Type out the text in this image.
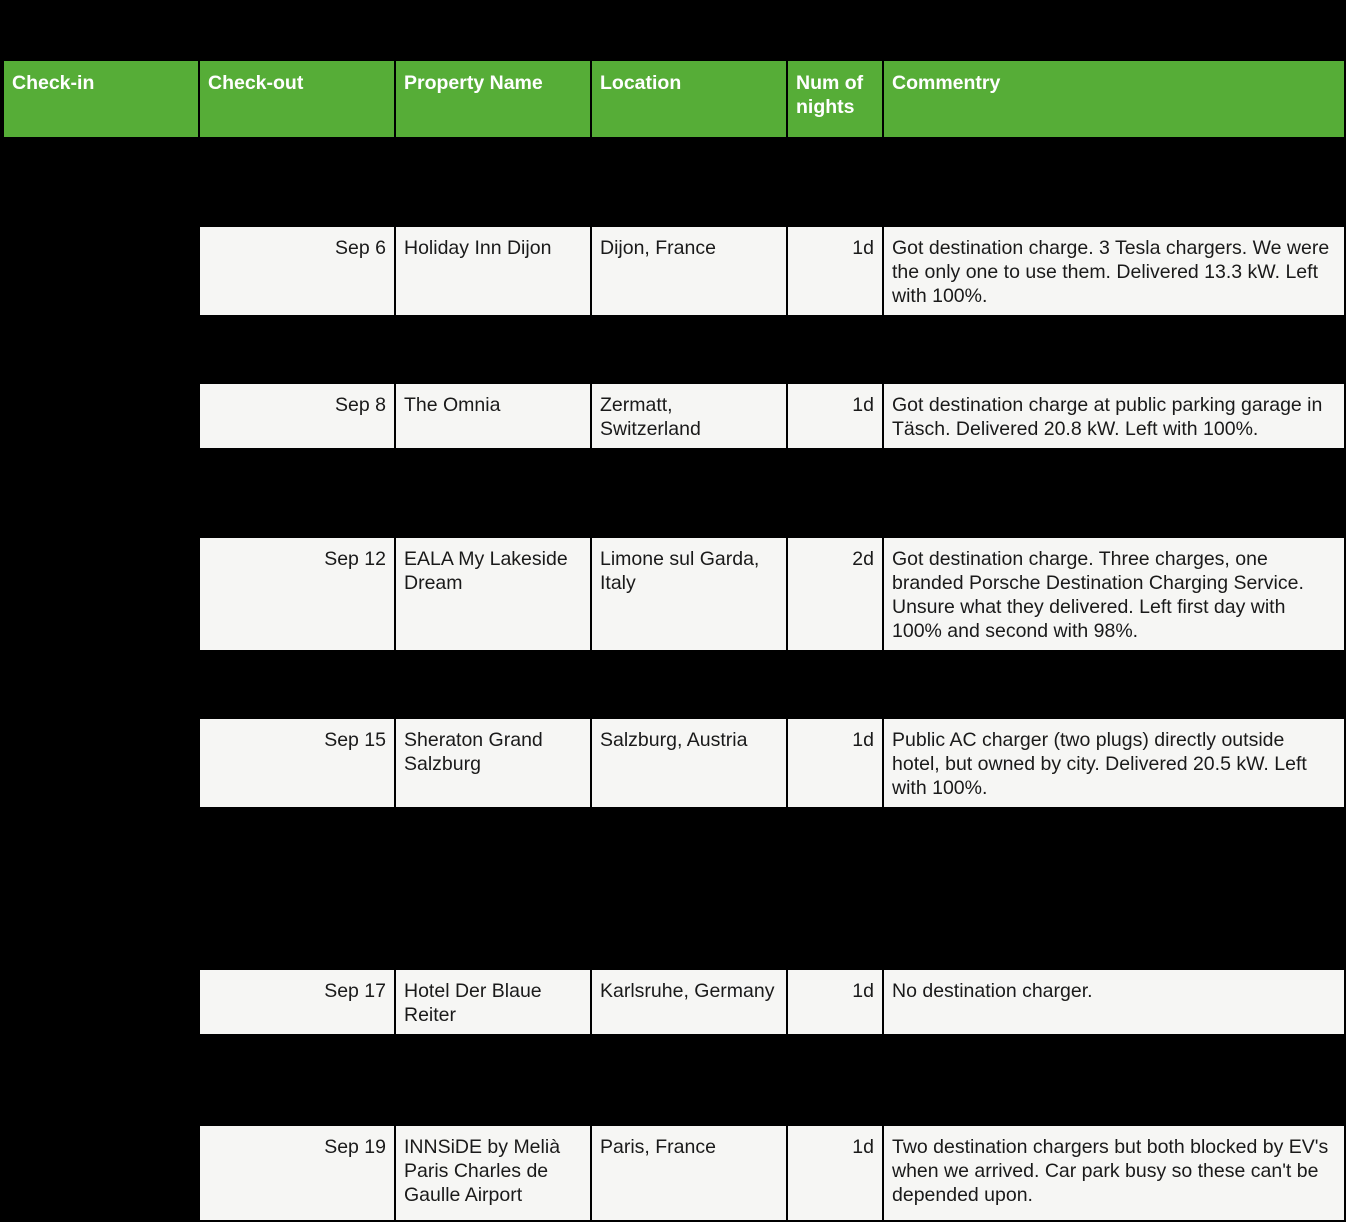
Check-in	Check-out	Property Name	Location	Num of nights	Commentry

	Sep 6	Holiday Inn Dijon	Dijon, France	1d	Got destination charge. 3 Tesla chargers. We were the only one to use them. Delivered 13.3 kW. Left with 100%.

	Sep 8	The Omnia	Zermatt, Switzerland	1d	Got destination charge at public parking garage in Täsch. Delivered 20.8 kW. Left with 100%.

	Sep 12	EALA My Lakeside Dream	Limone sul Garda, Italy	2d	Got destination charge. Three charges, one branded Porsche Destination Charging Service. Unsure what they delivered. Left first day with 100% and second with 98%.

	Sep 15	Sheraton Grand Salzburg	Salzburg, Austria	1d	Public AC charger (two plugs) directly outside hotel, but owned by city. Delivered 20.5 kW. Left with 100%.

	Sep 17	Hotel Der Blaue Reiter	Karlsruhe, Germany	1d	No destination charger.

	Sep 19	INNSiDE by Melià Paris Charles de Gaulle Airport	Paris, France	1d	Two destination chargers but both blocked by EV's when we arrived. Car park busy so these can't be depended upon.
